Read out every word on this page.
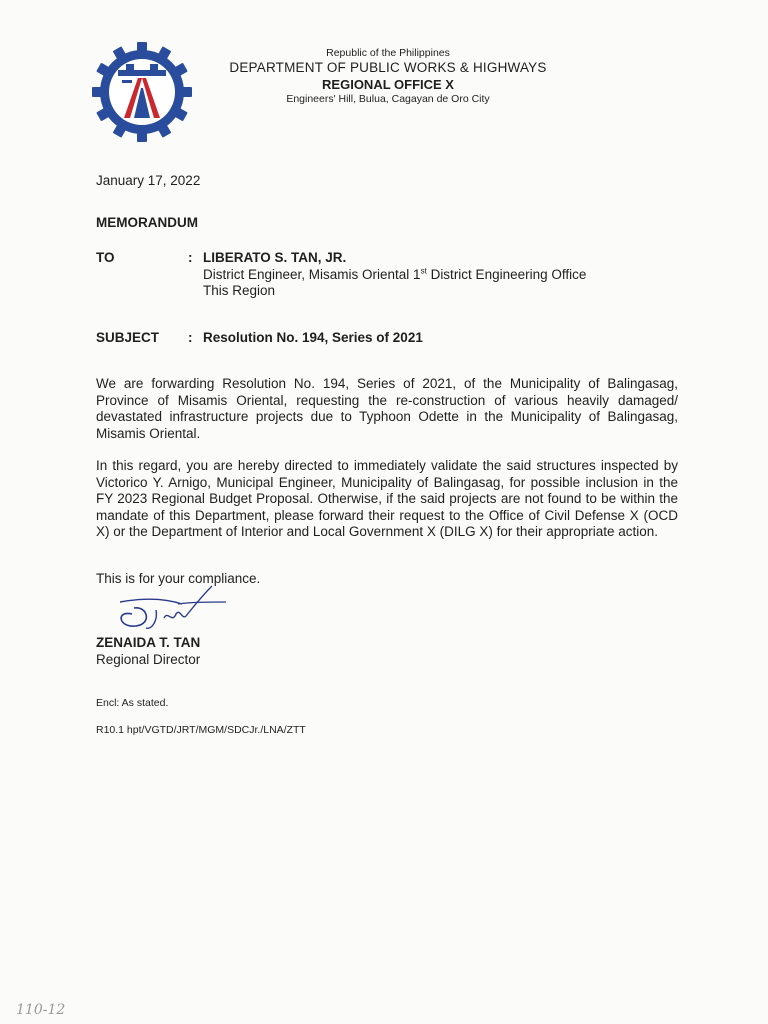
Republic of the Philippines
DEPARTMENT OF PUBLIC WORKS & HIGHWAYS
REGIONAL OFFICE X
Engineers' Hill, Bulua, Cagayan de Oro City
January 17, 2022
MEMORANDUM
TO	: LIBERATO S. TAN, JR.
District Engineer, Misamis Oriental 1st District Engineering Office
This Region
SUBJECT : Resolution No. 194, Series of 2021
We are forwarding Resolution No. 194, Series of 2021, of the Municipality of Balingasag, Province of Misamis Oriental, requesting the re-construction of various heavily damaged/ devastated infrastructure projects due to Typhoon Odette in the Municipality of Balingasag, Misamis Oriental.
In this regard, you are hereby directed to immediately validate the said structures inspected by Victorico Y. Arnigo, Municipal Engineer, Municipality of Balingasag, for possible inclusion in the FY 2023 Regional Budget Proposal. Otherwise, if the said projects are not found to be within the mandate of this Department, please forward their request to the Office of Civil Defense X (OCD X) or the Department of Interior and Local Government X (DILG X) for their appropriate action.
This is for your compliance.
ZENAIDA T. TAN
Regional Director
Encl: As stated.
R10.1 hpt/VGTD/JRT/MGM/SDCJr./LNA/ZTT
110-12
